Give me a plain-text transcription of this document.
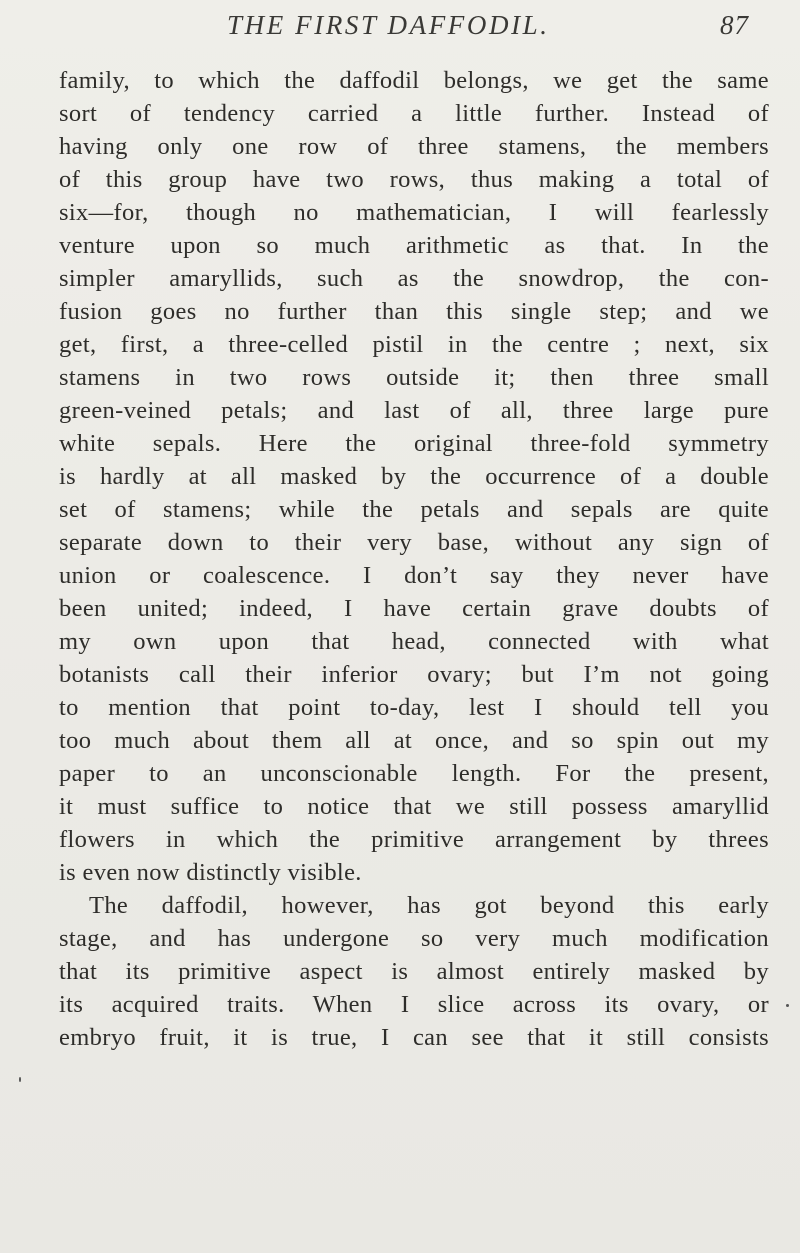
THE FIRST DAFFODIL.	87
family, to which the daffodil belongs, we get the same
sort of tendency carried a little further. Instead of
having only one row of three stamens, the members
of this group have two rows, thus making a total of
six—for, though no mathematician, I will fearlessly
venture upon so much arithmetic as that. In the
simpler amaryllids, such as the snowdrop, the con-
fusion goes no further than this single step; and we
get, first, a three-celled pistil in the centre ; next, six
stamens in two rows outside it; then three small
green-veined petals; and last of all, three large pure
white sepals. Here the original three-fold symmetry
is hardly at all masked by the occurrence of a double
set of stamens; while the petals and sepals are quite
separate down to their very base, without any sign of
union or coalescence. I don’t say they never have
been united; indeed, I have certain grave doubts of
my own upon that head, connected with what
botanists call their inferior ovary; but I’m not going
to mention that point to-day, lest I should tell you
too much about them all at once, and so spin out my
paper to an unconscionable length. For the present,
it must suffice to notice that we still possess amaryllid
flowers in which the primitive arrangement by threes
is even now distinctly visible.
The daffodil, however, has got beyond this early
stage, and has undergone so very much modification
that its primitive aspect is almost entirely masked by
its acquired traits. When I slice across its ovary, or
embryo fruit, it is true, I can see that it still consists
